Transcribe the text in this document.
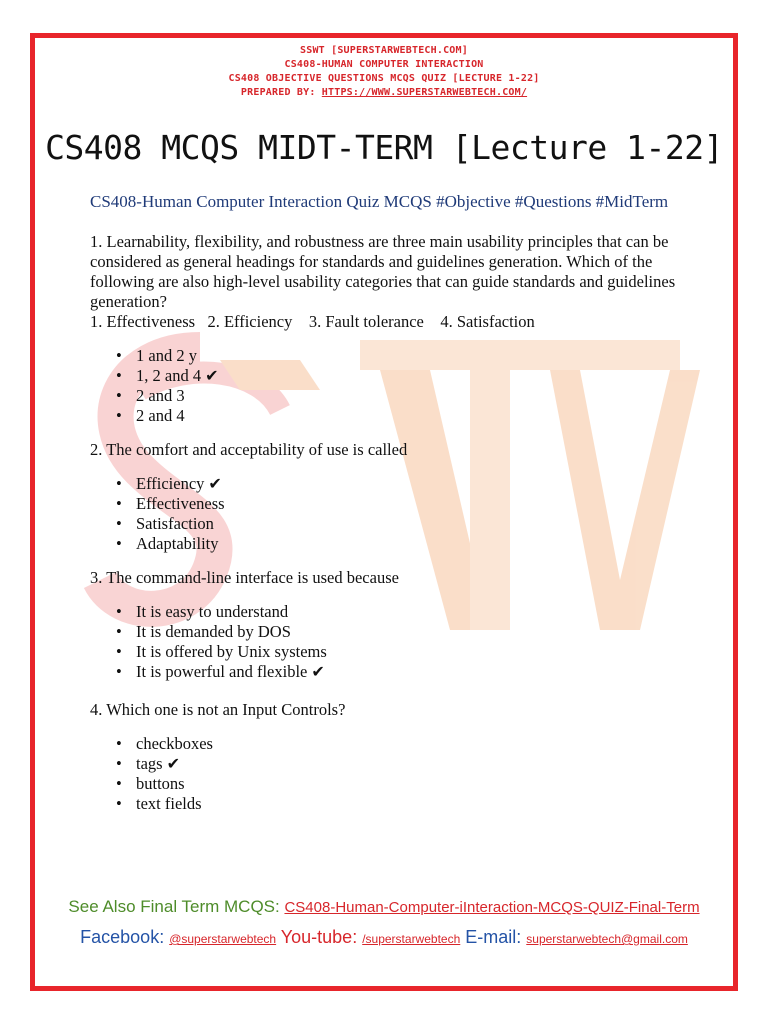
SSWT [SUPERSTARWEBTECH.COM]
CS408-HUMAN COMPUTER INTERACTION
CS408 OBJECTIVE QUESTIONS MCQS QUIZ [LECTURE 1-22]
PREPARED BY: HTTPS://WWW.SUPERSTARWEBTECH.COM/
CS408 MCQS MIDT-TERM [Lecture 1-22]
CS408-Human Computer Interaction Quiz MCQS #Objective #Questions #MidTerm
1. Learnability, flexibility, and robustness are three main usability principles that can be considered as general headings for standards and guidelines generation. Which of the following are also high-level usability categories that can guide standards and guidelines generation?
1. Effectiveness   2. Efficiency    3. Fault tolerance    4. Satisfaction
• 1 and 2 y
• 1, 2 and 4 ✔
• 2 and 3
• 2 and 4
2. The comfort and acceptability of use is called
• Efficiency ✔
• Effectiveness
• Satisfaction
• Adaptability
3. The command-line interface is used because
• It is easy to understand
• It is demanded by DOS
• It is offered by Unix systems
• It is powerful and flexible ✔
4. Which one is not an Input Controls?
• checkboxes
• tags ✔
• buttons
• text fields
See Also Final Term MCQS: CS408-Human-Computer-iInteraction-MCQS-QUIZ-Final-Term
Facebook: @superstarwebtech You-tube: /superstarwebtech E-mail: superstarwebtech@gmail.com
